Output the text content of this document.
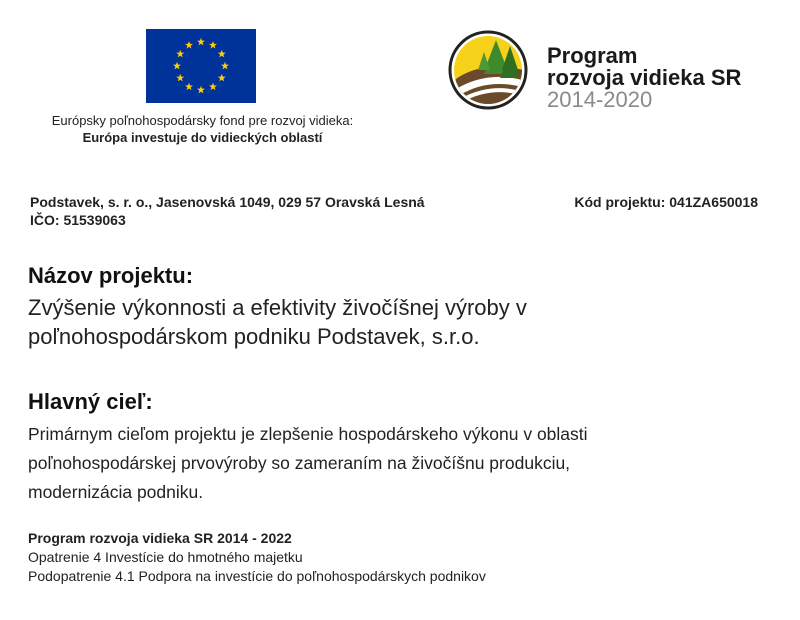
Európsky poľnohospodársky fond pre rozvoj vidieka:
Európa investuje do vidieckých oblastí
Program
rozvoja vidieka SR
2014-2020
Podstavek, s. r. o., Jasenovská 1049, 029 57 Oravská Lesná
IČO: 51539063
Kód projektu: 041ZA650018
Názov projektu:
Zvýšenie výkonnosti a efektivity živočíšnej výroby v
poľnohospodárskom podniku Podstavek, s.r.o.
Hlavný cieľ:
Primárnym cieľom projektu je zlepšenie hospodárskeho výkonu v oblasti
poľnohospodárskej prvovýroby so zameraním na živočíšnu produkciu,
modernizácia podniku.
Program rozvoja vidieka SR 2014 - 2022
Opatrenie 4 Investície do hmotného majetku
Podopatrenie 4.1 Podpora na investície do poľnohospodárskych podnikov
